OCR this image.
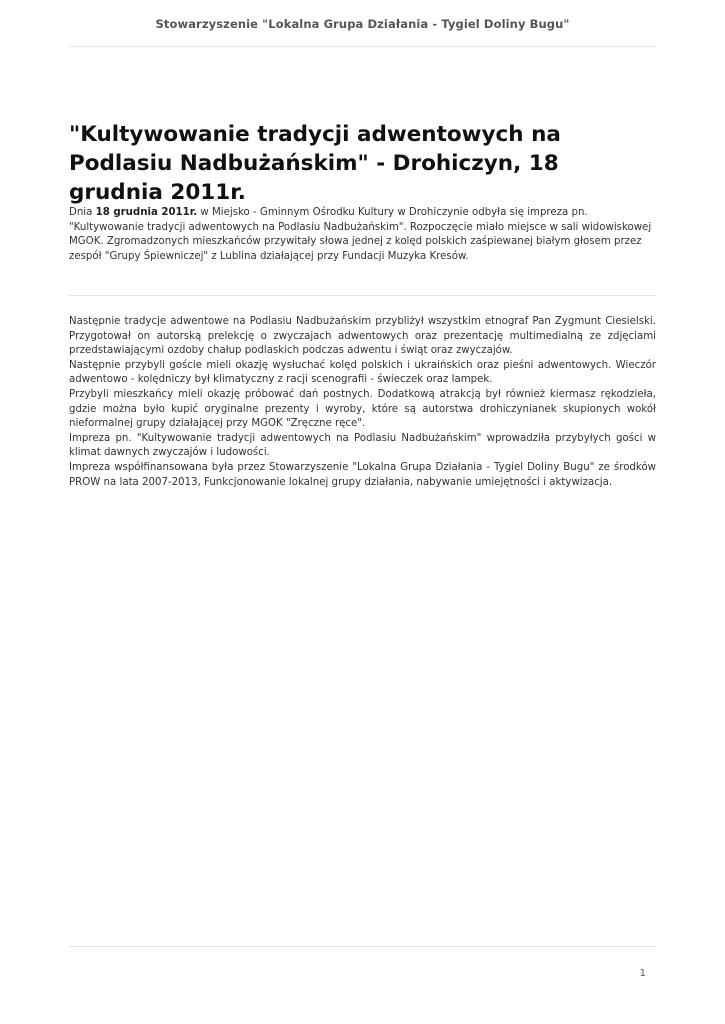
Stowarzyszenie "Lokalna Grupa Działania - Tygiel Doliny Bugu"
"Kultywowanie tradycji adwentowych na Podlasiu Nadbużańskim" - Drohiczyn, 18 grudnia 2011r.

Dnia 18 grudnia 2011r. w Miejsko - Gminnym Ośrodku Kultury w Drohiczynie odbyła się impreza pn. "Kultywowanie tradycji adwentowych na Podlasiu Nadbużańskim". Rozpoczęcie miało miejsce w sali widowiskowej MGOK. Zgromadzonych mieszkańców przywitały słowa jednej z kolęd polskich zaśpiewanej białym głosem przez zespół "Grupy Śpiewniczej" z Lublina działającej przy Fundacji Muzyka Kresów.

Następnie tradycje adwentowe na Podlasiu Nadbużańskim przybliżył wszystkim etnograf Pan Zygmunt Ciesielski. Przygotował on autorską prelekcję o zwyczajach adwentowych oraz prezentację multimedialną ze zdjęciami przedstawiającymi ozdoby chałup podlaskich podczas adwentu i świąt oraz zwyczajów.
Następnie przybyli goście mieli okazję wysłuchać kolęd polskich i ukraińskich oraz pieśni adwentowych. Wieczór adwentowo - kolędniczy był klimatyczny z racji scenografii - świeczek oraz lampek.
Przybyli mieszkańcy mieli okazję próbować dań postnych. Dodatkową atrakcją był również kiermasz rękodzieła, gdzie można było kupić oryginalne prezenty i wyroby, które są autorstwa drohiczynianek skupionych wokół nieformalnej grupy działającej przy MGOK "Zręczne ręce".
Impreza pn. "Kultywowanie tradycji adwentowych na Podlasiu Nadbużańskim" wprowadziła przybyłych gości w klimat dawnych zwyczajów i ludowości.
Impreza współfinansowana była przez Stowarzyszenie "Lokalna Grupa Działania - Tygiel Doliny Bugu" ze środków PROW na lata 2007-2013, Funkcjonowanie lokalnej grupy działania, nabywanie umiejętności i aktywizacja.
1
